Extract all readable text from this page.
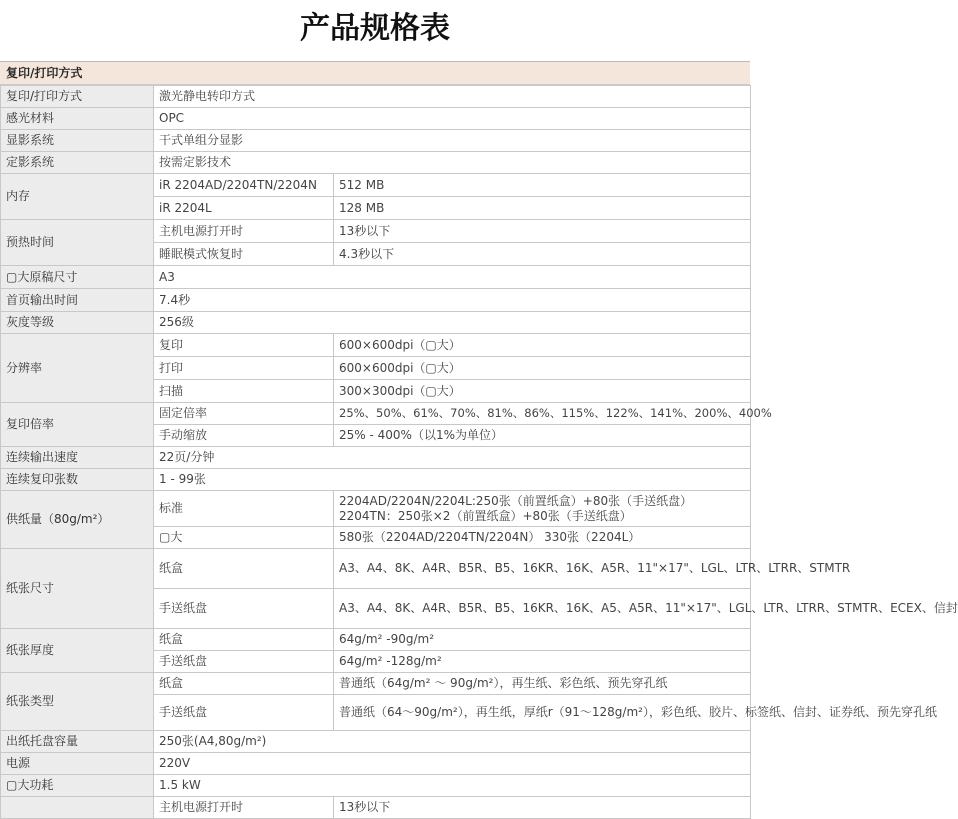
产品规格表
复印/打印方式
复印/打印方式	激光静电转印方式	
感光材料	OPC	
显影系统	干式单组分显影	
定影系统	按需定影技术	
内存	iR 2204AD/2204TN/2204N	512 MB
	iR 2204L	128 MB
预热时间	主机电源打开时	13秒以下
	睡眠模式恢复时	4.3秒以下
▢大原稿尺寸	A3	
首页输出时间	7.4秒	
灰度等级	256级	
分辨率	复印	600×600dpi（▢大）
	打印	600×600dpi（▢大）
	扫描	300×300dpi（▢大）
复印倍率	固定倍率	25%、50%、61%、70%、81%、86%、115%、122%、141%、200%、400%
	手动缩放	25% - 400%（以1%为单位）
连续输出速度	22页/分钟	
连续复印张数	1 - 99张	
供纸量（80g/m²）	标准	2204AD/2204N/2204L:250张（前置纸盒）+80张（手送纸盘）
2204TN：250张×2（前置纸盒）+80张（手送纸盘）
	▢大	580张（2204AD/2204TN/2204N） 330张（2204L）
纸张尺寸	纸盒	A3、A4、8K、A4R、B5R、B5、16KR、16K、A5R、11"×17"、LGL、LTR、LTRR、STMTR
	手送纸盘	A3、A4、8K、A4R、B5R、B5、16KR、16K、A5、A5R、11"×17"、LGL、LTR、LTRR、STMTR、ECEX、信封
纸张厚度	纸盒	64g/m² -90g/m²
	手送纸盘	64g/m² -128g/m²
纸张类型	纸盒	普通纸（64g/m² ～ 90g/m²），再生纸、彩色纸、预先穿孔纸
	手送纸盘	普通纸（64～90g/m²），再生纸，厚纸r（91～128g/m²），彩色纸、胶片、标签纸、信封、证券纸、预先穿孔纸
出纸托盘容量	250张(A4,80g/m²)	
电源	220V	
▢大功耗	1.5 kW	
	主机电源打开时	13秒以下
